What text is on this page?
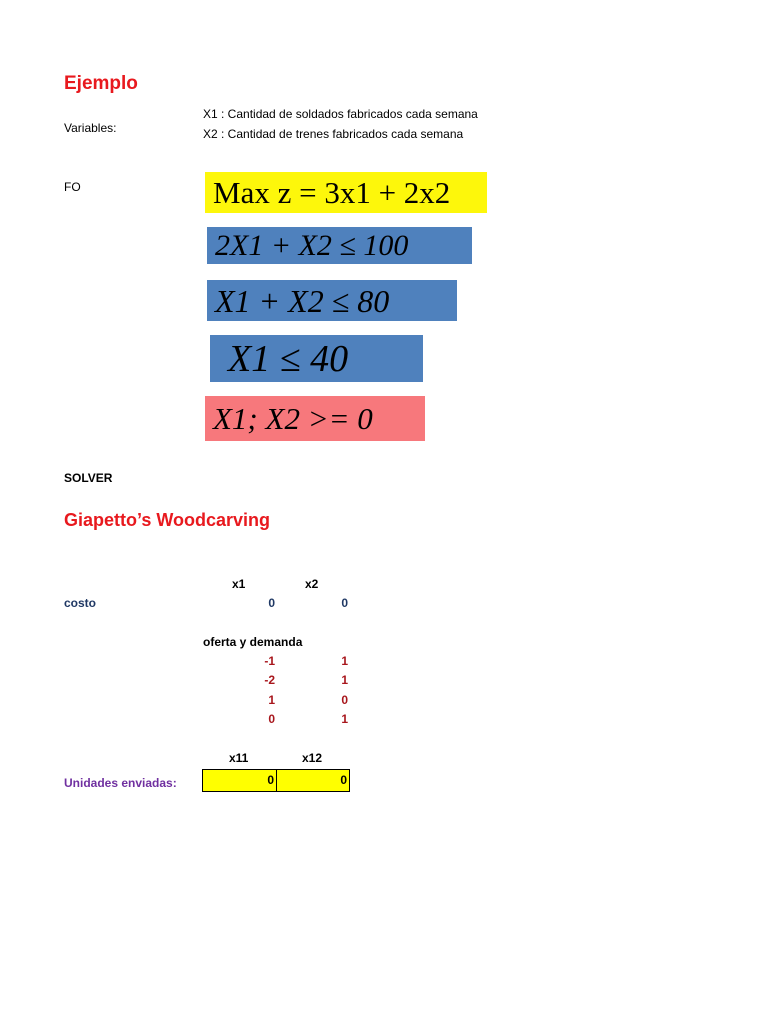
Ejemplo
Variables:
X1 : Cantidad de soldados fabricados cada semana
X2 : Cantidad de trenes fabricados cada semana
FO	Max z = 3x1 + 2x2
2X1 + X2 ≤ 100
X1 + X2 ≤ 80
X1 ≤ 40
X1; X2 >= 0
SOLVER
Giapetto’s Woodcarving
x1	x2
costo	0	0
oferta y demanda
-1	1
-2	1
1	0
0	1
x11	x12
Unidades enviadas:	0	0
